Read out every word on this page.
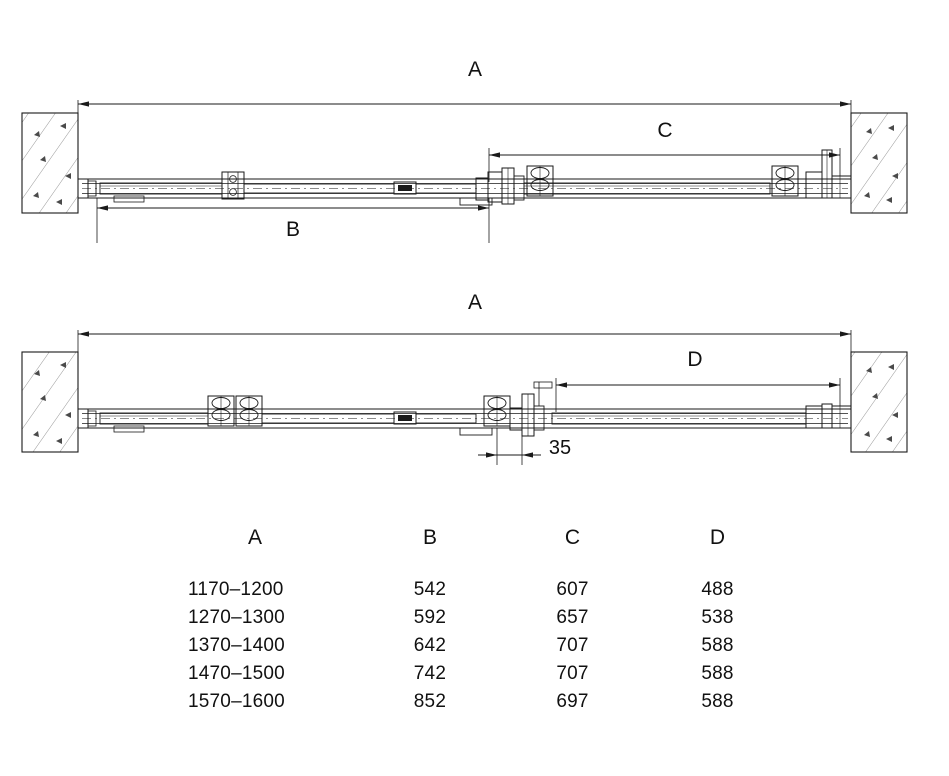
A
B
C
A
D
35
A	B	C	D
1170–1200	542	607	488
1270–1300	592	657	538
1370–1400	642	707	588
1470–1500	742	707	588
1570–1600	852	697	588
